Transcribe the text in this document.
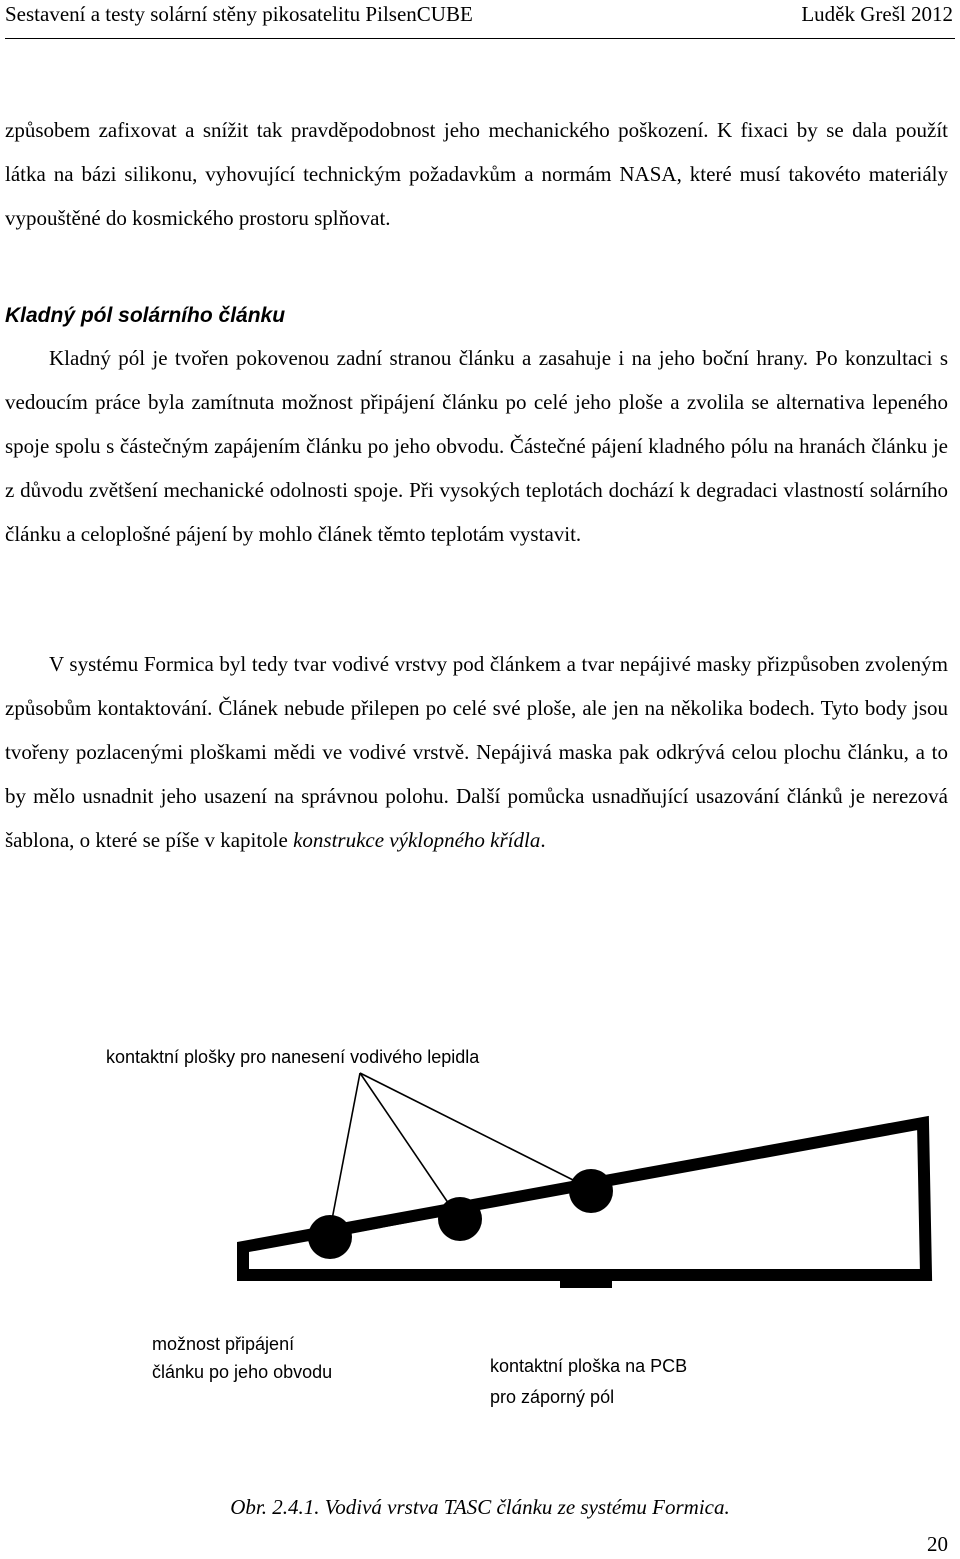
Sestavení a testy solární stěny pikosatelitu PilsenCUBE	Luděk Grešl 2012

způsobem zafixovat a snížit tak pravděpodobnost jeho mechanického poškození. K fixaci by se dala použít látka na bázi silikonu, vyhovující technickým požadavkům a normám NASA, které musí takovéto materiály vypouštěné do kosmického prostoru splňovat.

Kladný pól solárního článku

Kladný pól je tvořen pokovenou zadní stranou článku a zasahuje i na jeho boční hrany. Po konzultaci s vedoucím práce byla zamítnuta možnost připájení článku po celé jeho ploše a zvolila se alternativa lepeného spoje spolu s částečným zapájením článku po jeho obvodu. Částečné pájení kladného pólu na hranách článku je z důvodu zvětšení mechanické odolnosti spoje. Při vysokých teplotách dochází k degradaci vlastností solárního článku a celoplošné pájení by mohlo článek těmto teplotám vystavit.

V systému Formica byl tedy tvar vodivé vrstvy pod článkem a tvar nepájivé masky přizpůsoben zvoleným způsobům kontaktování. Článek nebude přilepen po celé své ploše, ale jen na několika bodech. Tyto body jsou tvořeny pozlacenými ploškami mědi ve vodivé vrstvě. Nepájivá maska pak odkrývá celou plochu článku, a to by mělo usnadnit jeho usazení na správnou polohu. Další pomůcka usnadňující usazování článků je nerezová šablona, o které se píše v kapitole konstrukce výklopného křídla.

kontaktní plošky pro nanesení vodivého lepidla
možnost připájení
článku po jeho obvodu	kontaktní ploška na PCB
pro záporný pól

Obr. 2.4.1. Vodivá vrstva TASC článku ze systému Formica.

20
